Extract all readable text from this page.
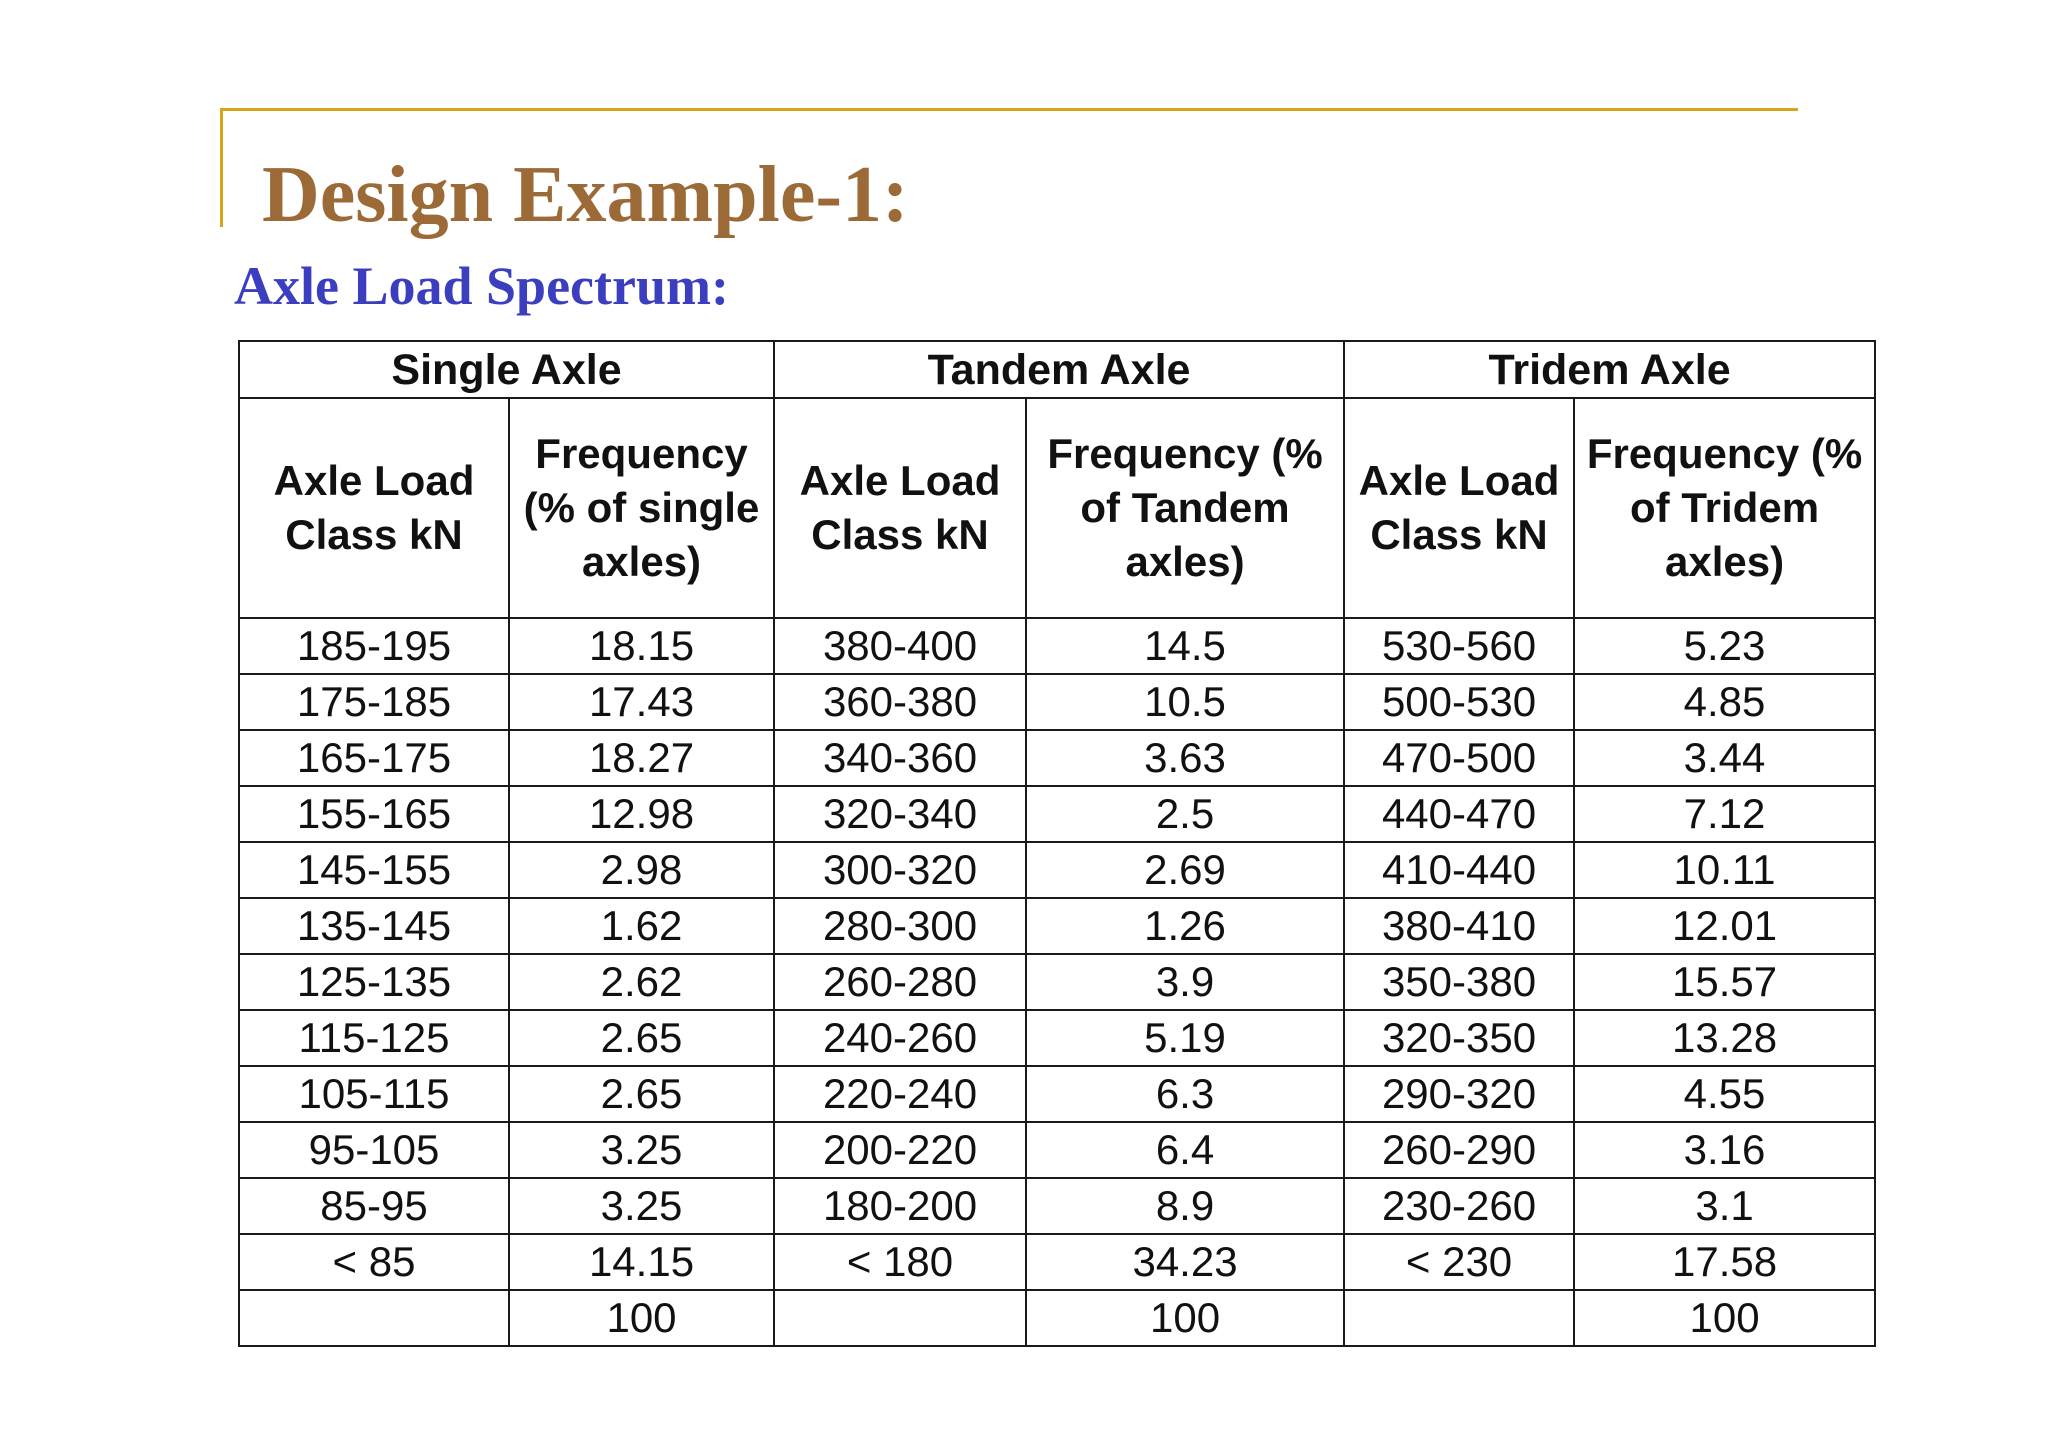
Design Example-1:
Axle Load Spectrum:
Single Axle		Tandem Axle		Tridem Axle	
Axle Load Class kN	Frequency (% of single axles)	Axle Load Class kN	Frequency (% of Tandem axles)	Axle Load Class kN	Frequency (% of Tridem axles)
185-195	18.15	380-400	14.5	530-560	5.23
175-185	17.43	360-380	10.5	500-530	4.85
165-175	18.27	340-360	3.63	470-500	3.44
155-165	12.98	320-340	2.5	440-470	7.12
145-155	2.98	300-320	2.69	410-440	10.11
135-145	1.62	280-300	1.26	380-410	12.01
125-135	2.62	260-280	3.9	350-380	15.57
115-125	2.65	240-260	5.19	320-350	13.28
105-115	2.65	220-240	6.3	290-320	4.55
95-105	3.25	200-220	6.4	260-290	3.16
85-95	3.25	180-200	8.9	230-260	3.1
< 85	14.15	< 180	34.23	< 230	17.58
	100		100		100
